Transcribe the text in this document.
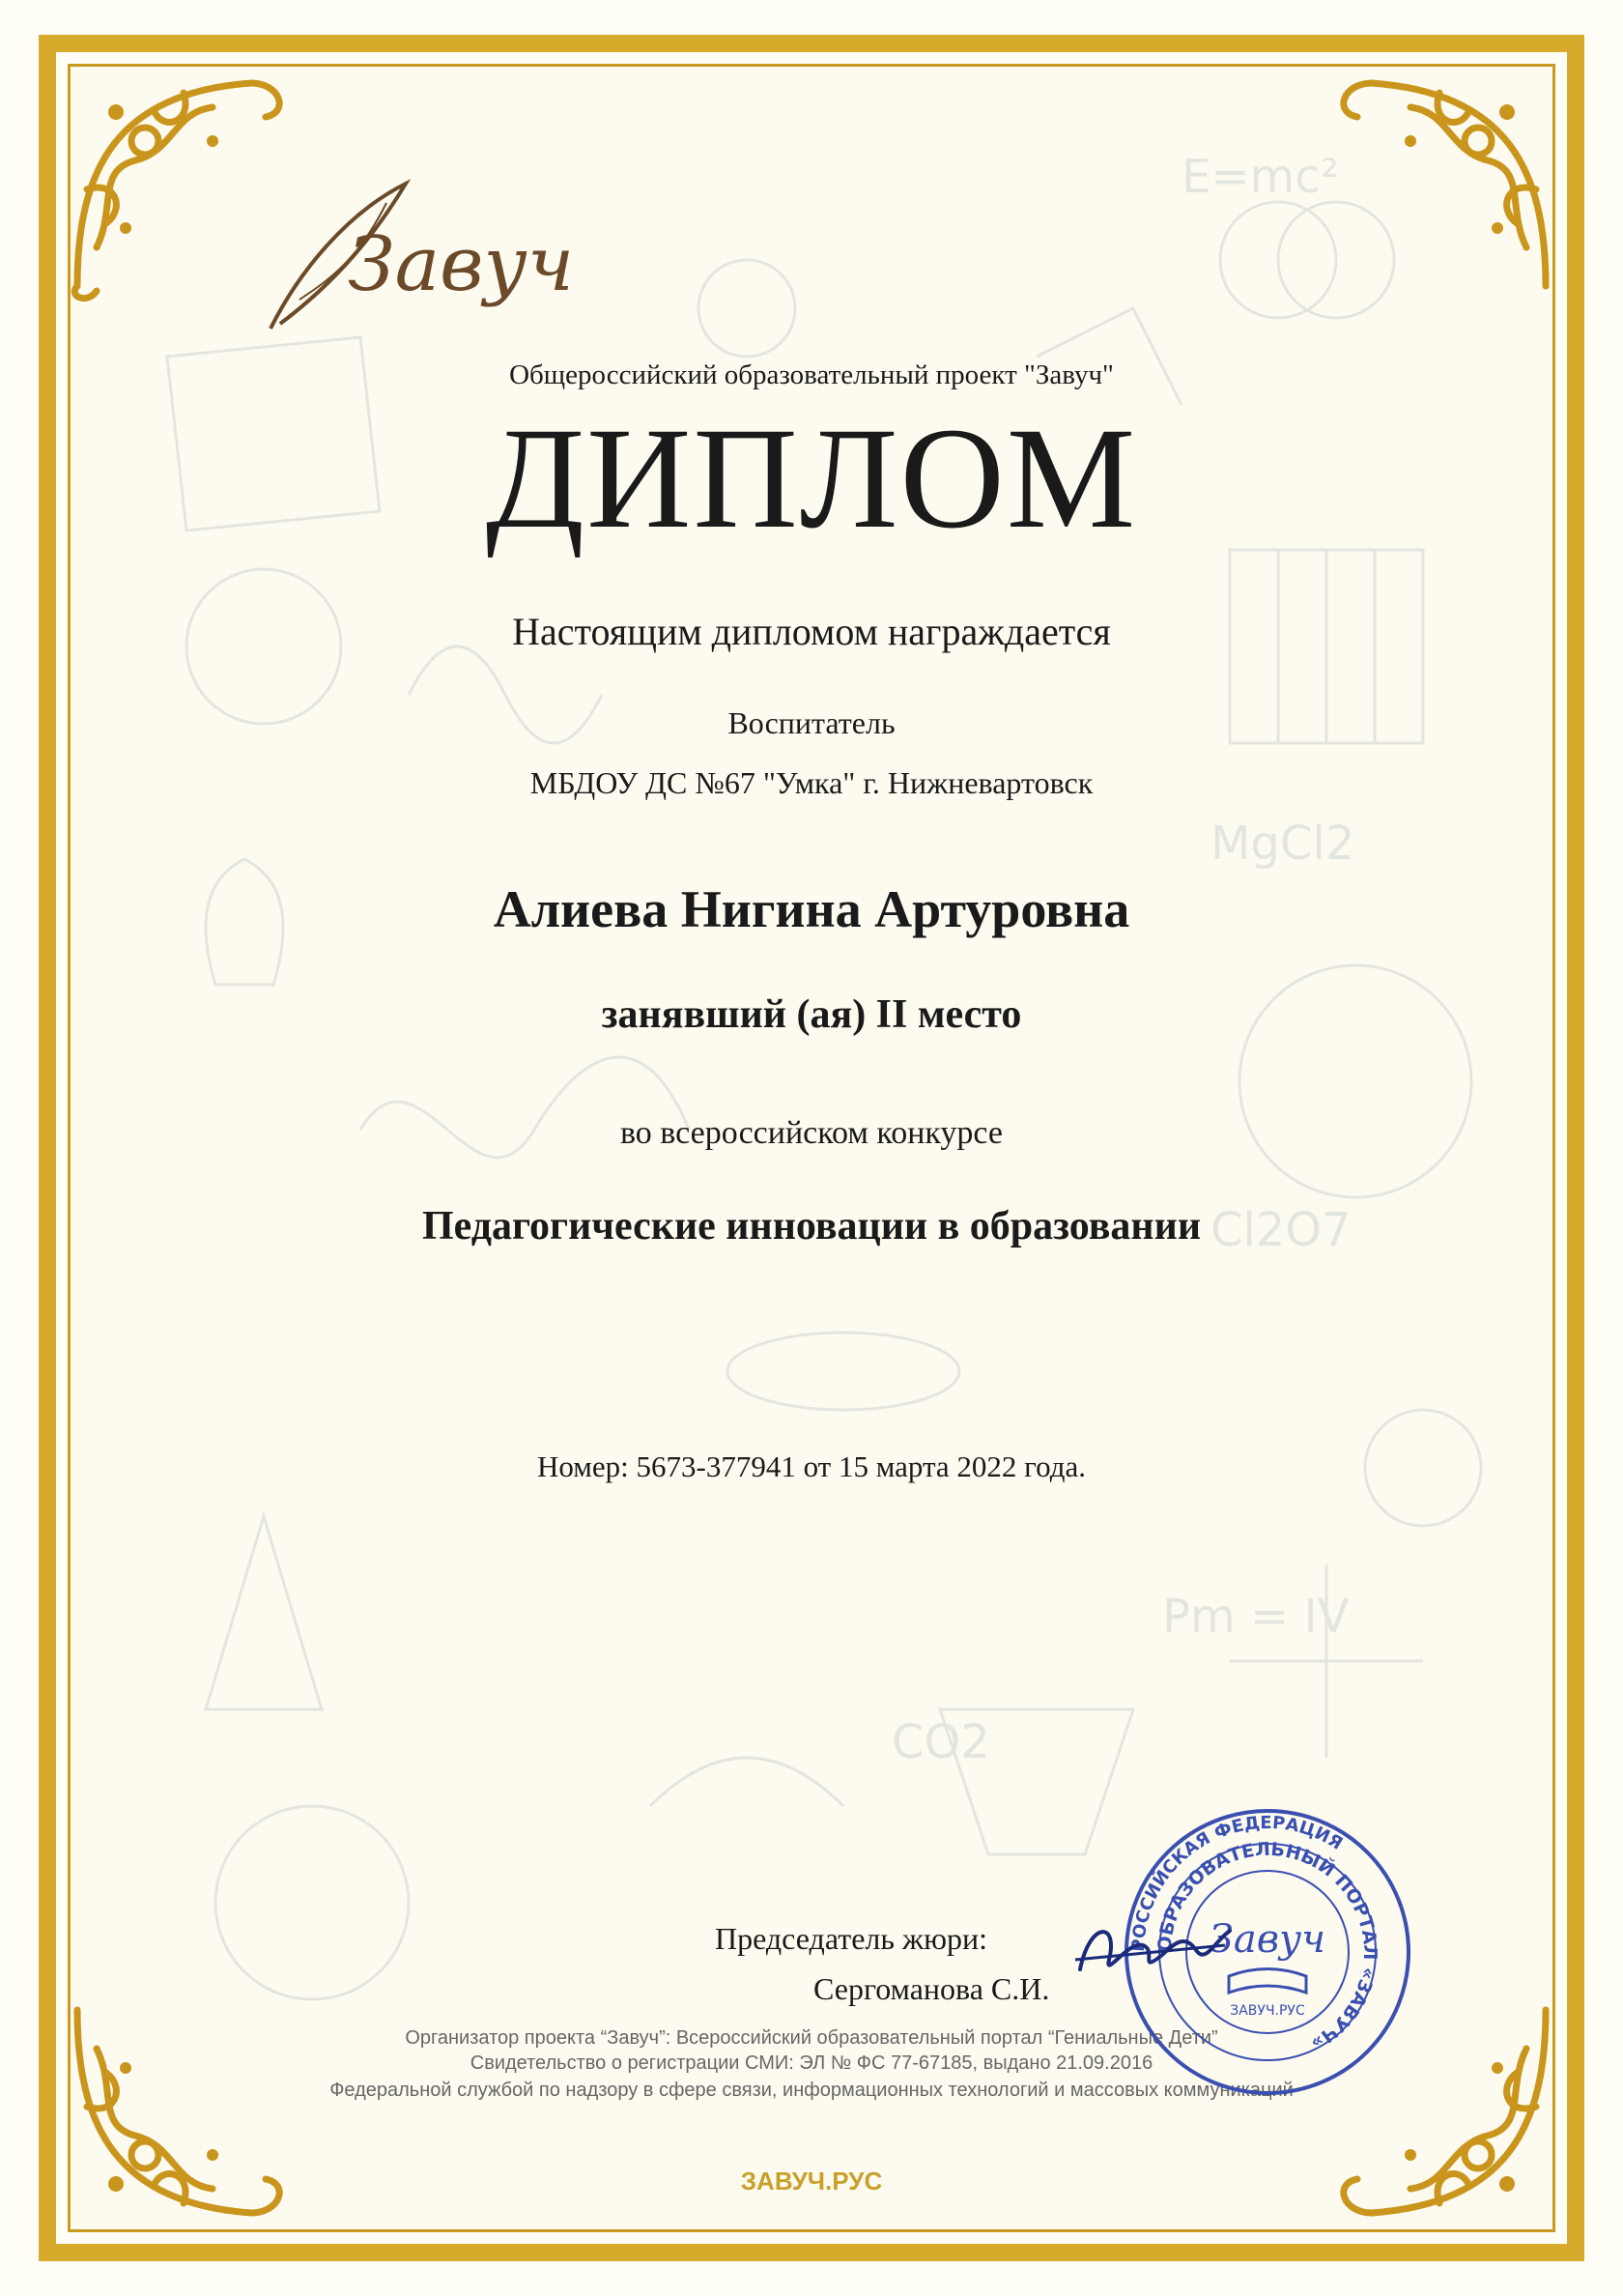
E=mc²
Pm = IV
CO2
Cl2O7
MgCl2
Завуч
Общероссийский образовательный проект "Завуч"
ДИПЛОМ
Настоящим дипломом награждается
Воспитатель
МБДОУ ДС №67 "Умка" г. Нижневартовск
Алиева Нигина Артуровна
занявший (ая) II место
во всероссийском конкурсе
Педагогические инновации в образовании
Номер: 5673-377941 от 15 марта 2022 года.
Председатель жюри:
Сергоманова С.И.
Организатор проекта “Завуч”: Всероссийский образовательный портал “Гениальные Дети”
Свидетельство о регистрации СМИ: ЭЛ № ФС 77-67185, выдано 21.09.2016
Федеральной службой по надзору в сфере связи, информационных технологий и массовых коммуникаций
ЗАВУЧ.РУС
РОССИЙСКАЯ ФЕДЕРАЦИЯ
ОБРАЗОВАТЕЛЬНЫЙ ПОРТАЛ «ЗАВУЧ»
Завуч
ЗАВУЧ.РУС
